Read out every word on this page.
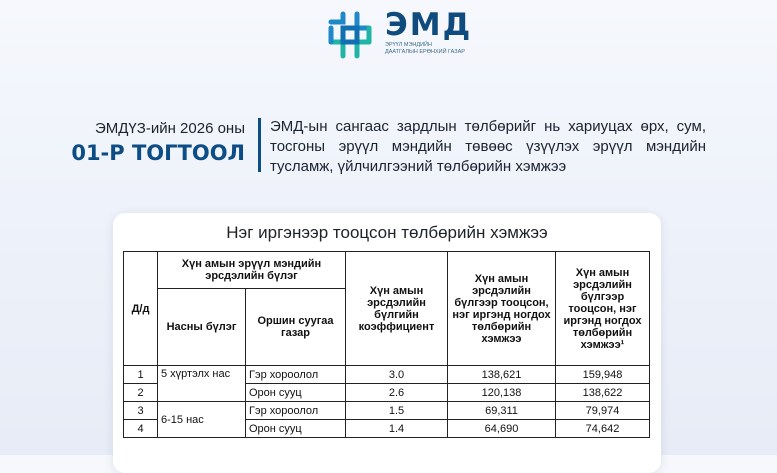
ЭМД
ЭРҮҮЛ МЭНДИЙН ДААТГАЛЫН ЕРӨНХИЙ ГАЗАР
ЭМДҮЗ-ийн 2026 оны
01-Р ТОГТООЛ
ЭМД-ын сангаас зардлын төлбөрийг нь хариуцах өрх, сум, тосгоны эрүүл мэндийн төвөөс үзүүлэх эрүүл мэндийн тусламж, үйлчилгээний төлбөрийн хэмжээ
Нэг иргэнээр тооцсон төлбөрийн хэмжээ
Д/д	Хүн амын эрүүл мэндийн эрсдэлийн бүлэг		Хүн амын эрсдэлийн бүлгийн коэффициент	Хүн амын эрсдэлийн бүлгээр тооцсон, нэг иргэнд ногдох төлбөрийн хэмжээ	Хүн амын эрсдэлийн бүлгээр тооцсон, нэг иргэнд ногдох төлбөрийн хэмжээ¹
	Насны бүлэг	Оршин суугаа газар			
1	5 хүртэлх нас	Гэр хороолол	3.0	138,621	159,948
2		Орон сууц	2.6	120,138	138,622
3	6-15 нас	Гэр хороолол	1.5	69,311	79,974
4		Орон сууц	1.4	64,690	74,642
